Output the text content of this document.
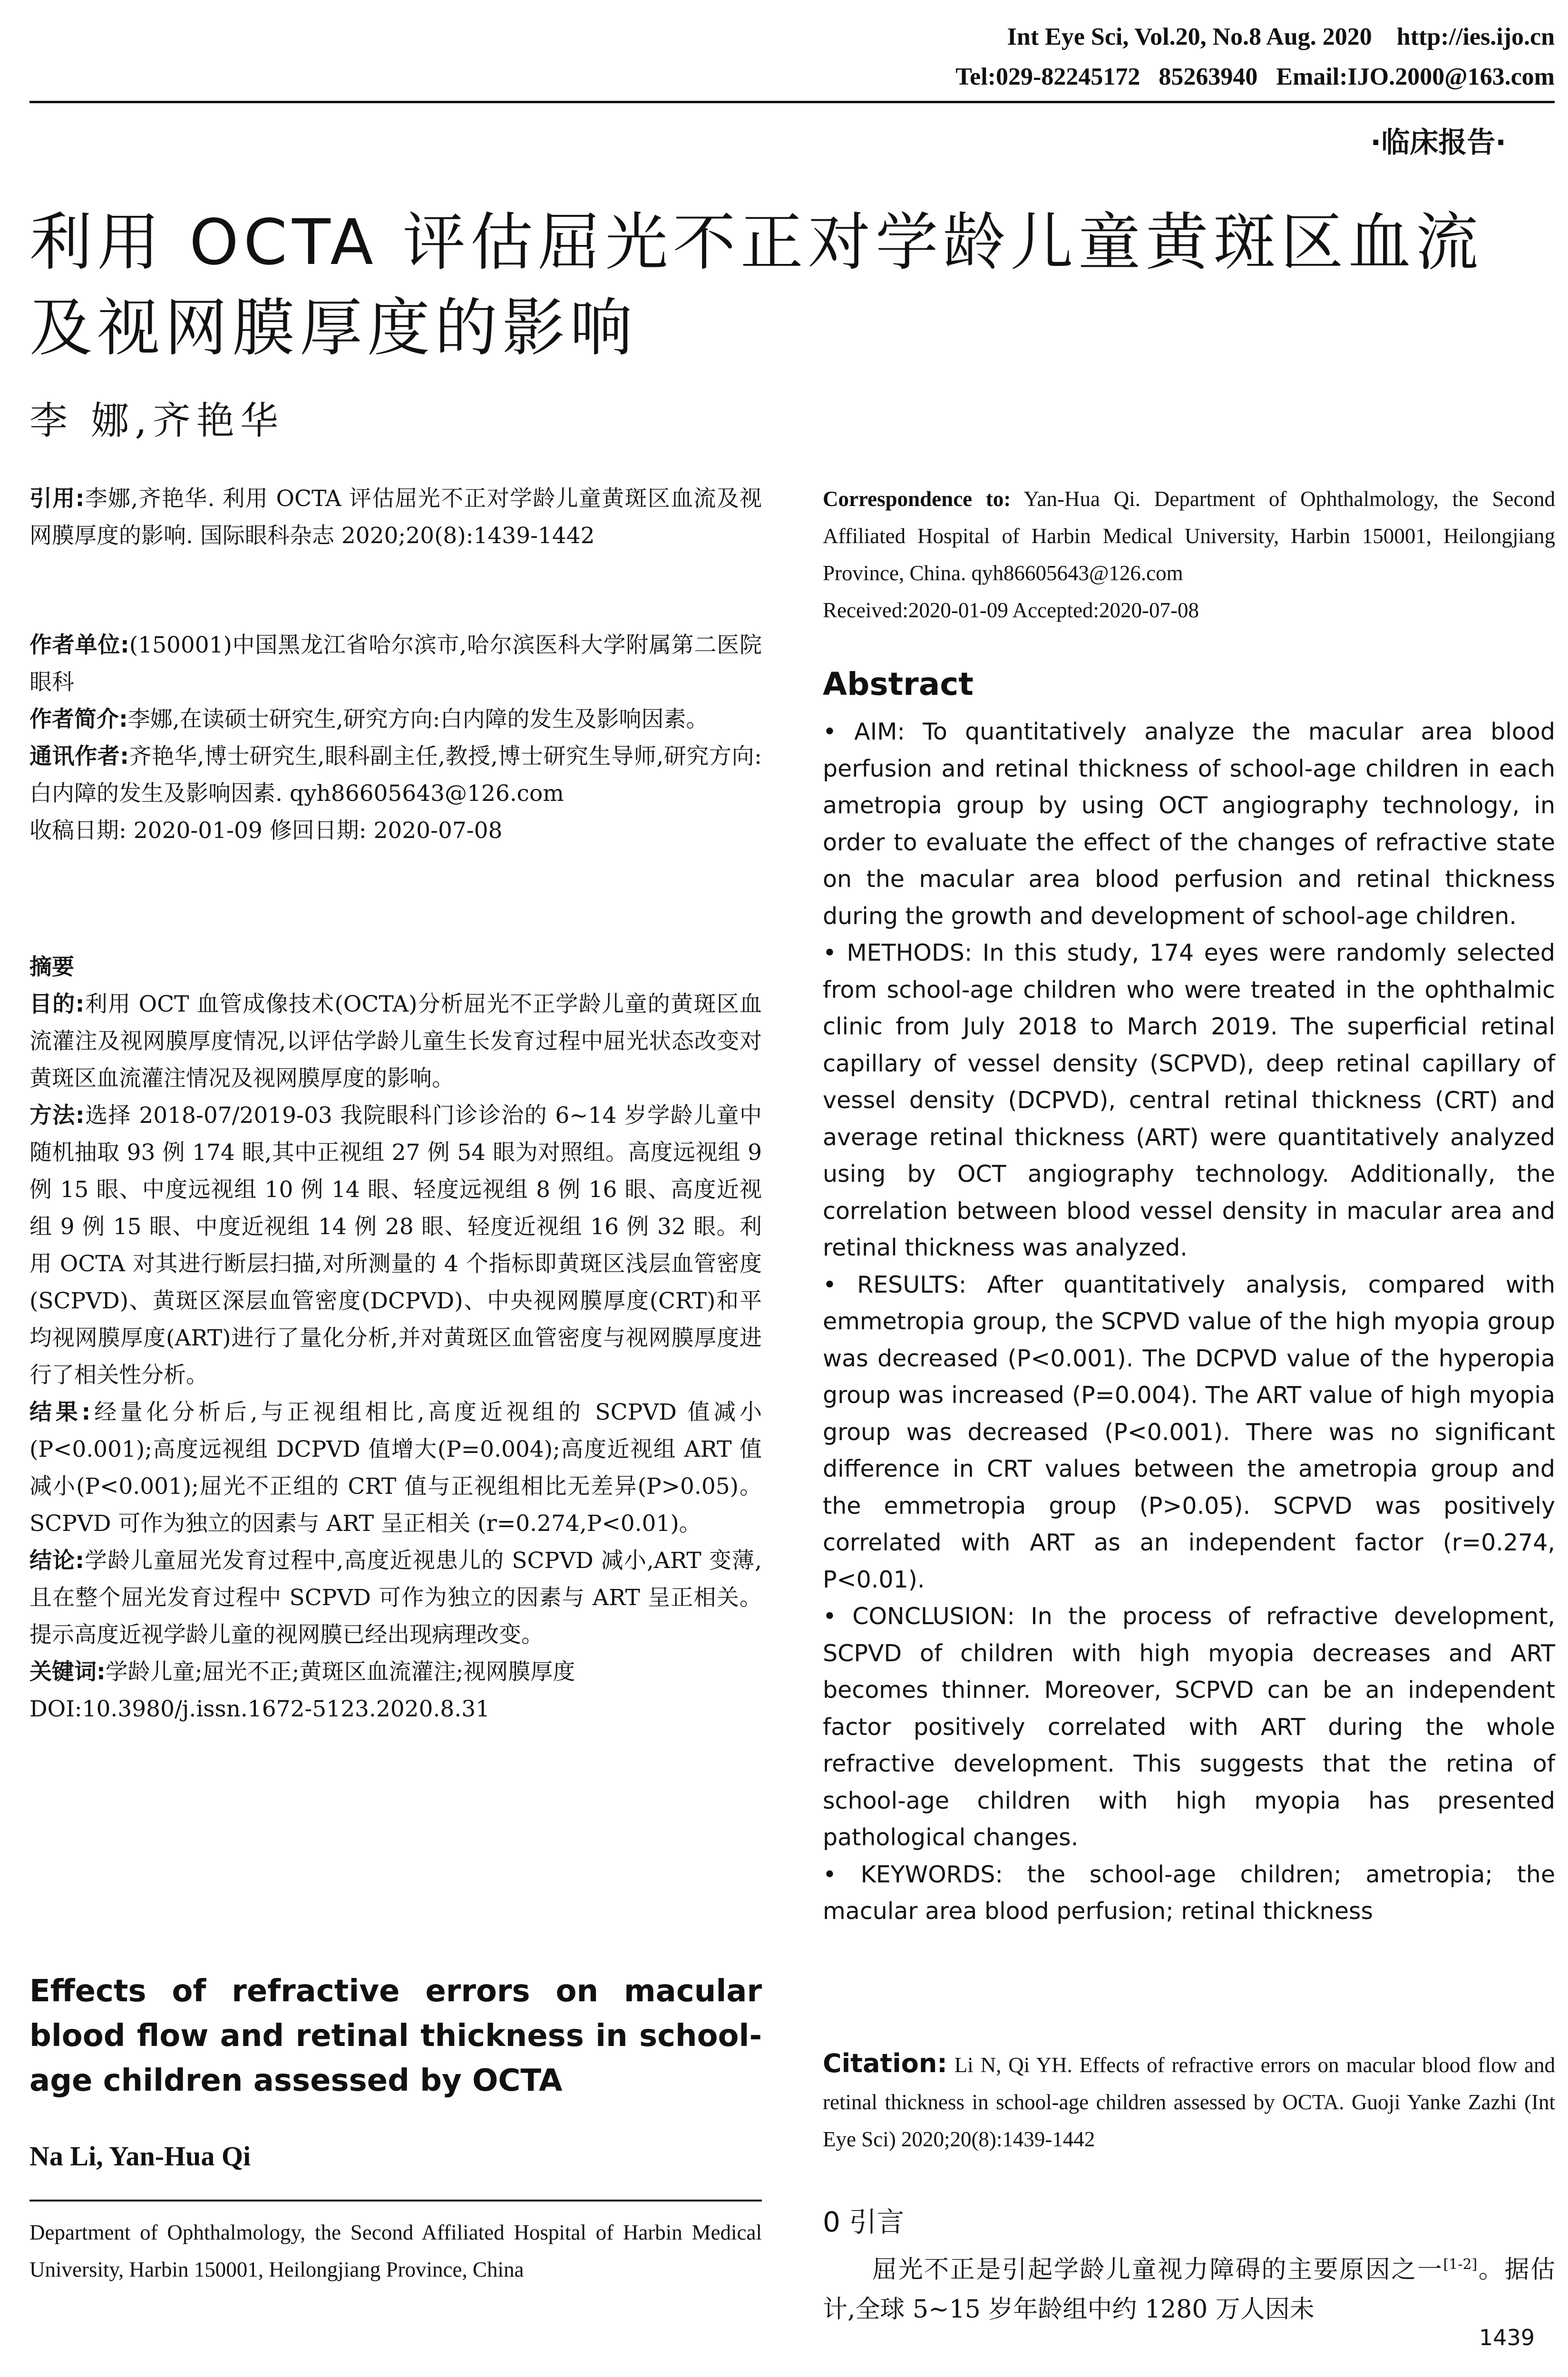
Int Eye Sci, Vol.20, No.8 Aug. 2020    http://ies.ijo.cn
Tel:029-82245172   85263940   Email:IJO.2000@163.com
·临床报告·
利用 OCTA 评估屈光不正对学龄儿童黄斑区血流及视网膜厚度的影响
李 娜,齐艳华

引用:李娜,齐艳华. 利用 OCTA 评估屈光不正对学龄儿童黄斑区血流及视网膜厚度的影响. 国际眼科杂志 2020;20(8):1439-1442

作者单位:(150001)中国黑龙江省哈尔滨市,哈尔滨医科大学附属第二医院眼科

作者简介:李娜,在读硕士研究生,研究方向:白内障的发生及影响因素。

通讯作者:齐艳华,博士研究生,眼科副主任,教授,博士研究生导师,研究方向:白内障的发生及影响因素. qyh86605643@126.com

收稿日期: 2020-01-09 修回日期: 2020-07-08

摘要

目的:利用 OCT 血管成像技术(OCTA)分析屈光不正学龄儿童的黄斑区血流灌注及视网膜厚度情况,以评估学龄儿童生长发育过程中屈光状态改变对黄斑区血流灌注情况及视网膜厚度的影响。

方法:选择 2018-07/2019-03 我院眼科门诊诊治的 6~14 岁学龄儿童中随机抽取 93 例 174 眼,其中正视组 27 例 54 眼为对照组。高度远视组 9 例 15 眼、中度远视组 10 例 14 眼、轻度远视组 8 例 16 眼、高度近视组 9 例 15 眼、中度近视组 14 例 28 眼、轻度近视组 16 例 32 眼。利用 OCTA 对其进行断层扫描,对所测量的 4 个指标即黄斑区浅层血管密度(SCPVD)、黄斑区深层血管密度(DCPVD)、中央视网膜厚度(CRT)和平均视网膜厚度(ART)进行了量化分析,并对黄斑区血管密度与视网膜厚度进行了相关性分析。

结果:经量化分析后,与正视组相比,高度近视组的 SCPVD 值减小(P<0.001);高度远视组 DCPVD 值增大(P=0.004);高度近视组 ART 值减小(P<0.001);屈光不正组的 CRT 值与正视组相比无差异(P>0.05)。SCPVD 可作为独立的因素与 ART 呈正相关 (r=0.274,P<0.01)。

结论:学龄儿童屈光发育过程中,高度近视患儿的 SCPVD 减小,ART 变薄,且在整个屈光发育过程中 SCPVD 可作为独立的因素与 ART 呈正相关。提示高度近视学龄儿童的视网膜已经出现病理改变。

关键词:学龄儿童;屈光不正;黄斑区血流灌注;视网膜厚度

DOI:10.3980/j.issn.1672-5123.2020.8.31

Effects of refractive errors on macular blood flow and retinal thickness in school-age children assessed by OCTA

Na Li, Yan-Hua Qi
Department of Ophthalmology, the Second Affiliated Hospital of Harbin Medical University, Harbin 150001, Heilongjiang Province, China
Correspondence to: Yan-Hua Qi. Department of Ophthalmology, the Second Affiliated Hospital of Harbin Medical University, Harbin 150001, Heilongjiang Province, China. qyh86605643@126.com
Received:2020-01-09 Accepted:2020-07-08
Abstract

• AIM: To quantitatively analyze the macular area blood perfusion and retinal thickness of school-age children in each ametropia group by using OCT angiography technology, in order to evaluate the effect of the changes of refractive state on the macular area blood perfusion and retinal thickness during the growth and development of school-age children.

• METHODS: In this study, 174 eyes were randomly selected from school-age children who were treated in the ophthalmic clinic from July 2018 to March 2019. The superficial retinal capillary of vessel density (SCPVD), deep retinal capillary of vessel density (DCPVD), central retinal thickness (CRT) and average retinal thickness (ART) were quantitatively analyzed using by OCT angiography technology. Additionally, the correlation between blood vessel density in macular area and retinal thickness was analyzed.

• RESULTS: After quantitatively analysis, compared with emmetropia group, the SCPVD value of the high myopia group was decreased (P<0.001). The DCPVD value of the hyperopia group was increased (P=0.004). The ART value of high myopia group was decreased (P<0.001). There was no significant difference in CRT values between the ametropia group and the emmetropia group (P>0.05). SCPVD was positively correlated with ART as an independent factor (r=0.274, P<0.01).

• CONCLUSION: In the process of refractive development, SCPVD of children with high myopia decreases and ART becomes thinner. Moreover, SCPVD can be an independent factor positively correlated with ART during the whole refractive development. This suggests that the retina of school-age children with high myopia has presented pathological changes.

• KEYWORDS: the school-age children; ametropia; the macular area blood perfusion; retinal thickness

Citation: Li N, Qi YH. Effects of refractive errors on macular blood flow and retinal thickness in school-age children assessed by OCTA. Guoji Yanke Zazhi (Int Eye Sci) 2020;20(8):1439-1442
0 引言

屈光不正是引起学龄儿童视力障碍的主要原因之一[1-2]。据估计,全球 5~15 岁年龄组中约 1280 万人因未

1439
